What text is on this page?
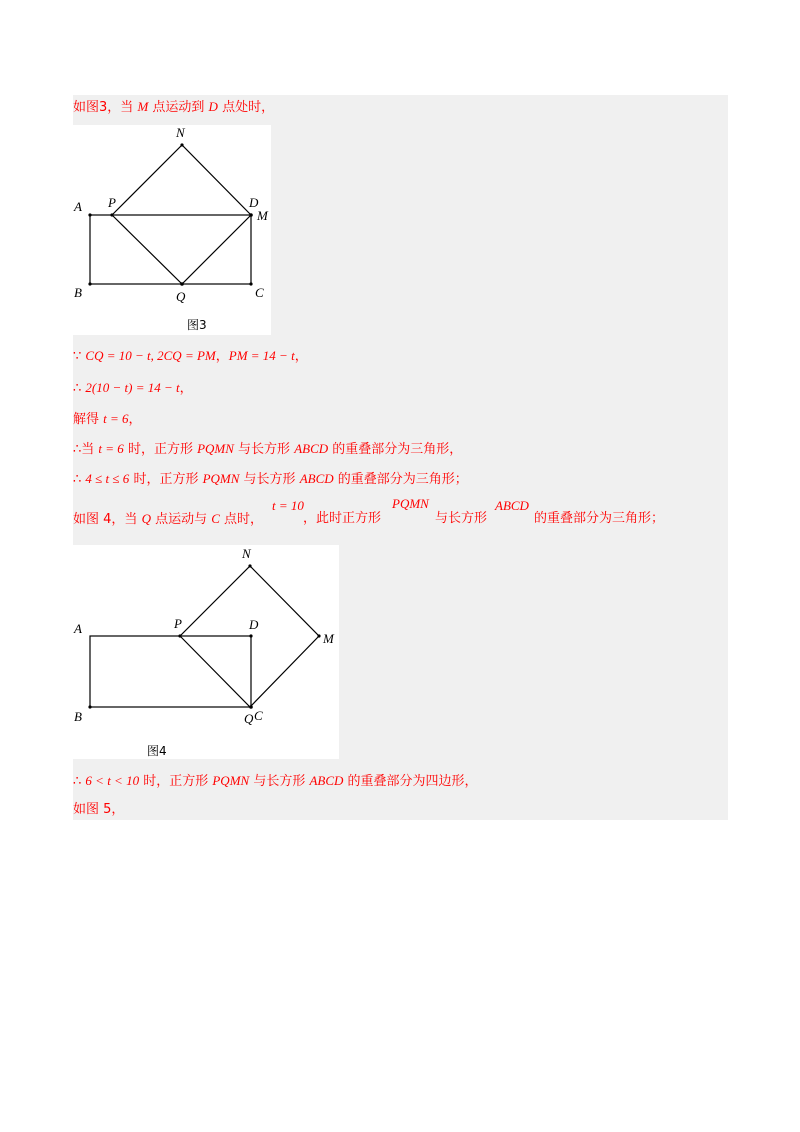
如图3，当 M 点运动到 D 点处时，
N
A P	D
M
B	Q	C
图3
∵ CQ = 10 − t, 2CQ = PM，PM = 14 − t，
∴ 2(10 − t) = 14 − t，
解得 t = 6，
∴当 t = 6 时，正方形 PQMN 与长方形 ABCD 的重叠部分为三角形，
∴ 4 ≤ t ≤ 6 时，正方形 PQMN 与长方形 ABCD 的重叠部分为三角形；
如图 4，当 Q 点运动与 C 点时，
t = 10
，此时正方形
PQMN
与长方形
ABCD
的重叠部分为三角形；
N
A	P	D
M
B	Q C
图4
∴ 6 < t < 10 时，正方形 PQMN 与长方形 ABCD 的重叠部分为四边形，
如图 5，
